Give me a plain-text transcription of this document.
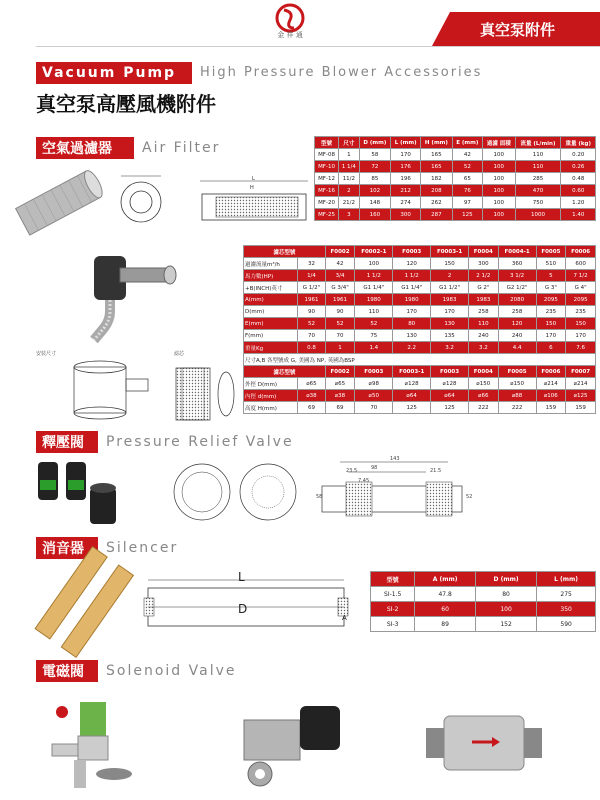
金 祥 通	真空泵附件
Vacuum Pump	High Pressure Blower Accessories
真空泵高壓風機附件
空氣過濾器	Air Filter
L
H
型號	尺寸	D (mm)	L (mm)	H (mm)	E (mm)	過濾 面積	流量 (L/min)	重量 (kg)
MF-08	1	58	170	165	42	100	110	0.20
MF-10	1 1/4	72	176	165	52	100	110	0.26
MF-12	11/2	85	196	182	65	100	285	0.48
MF-16	2	102	212	208	76	100	470	0.60
MF-20	21/2	148	274	262	97	100	750	1.20
MF-25	3	160	300	287	125	100	1000	1.40
安装尺寸	滤芯
濾芯型號		F0002	F0002-1	F0003	F0003-1	F0004	F0004-1	F0005	F0006
過濾流量m³/h	32	42	100	120	150	300	360	510	600
馬力數(HP)	1/4	3/4	1 1/2	1 1/2	2	2 1/2	3 1/2	5	7 1/2
+B(INCH)英寸	G 1/2"	G 3/4"	G1 1/4"	G1 1/4"	G1 1/2"	G 2"	G2 1/2"	G 3"	G 4"
A(mm)	1961	1961	1980	1980	1983	1983	2080	2095	2095
D(mm)	90	90	110	170	170	258	258	235	235
E(mm)	52	52	52	80	130	110	120	150	150
F(mm)	70	70	75	130	135	240	240	170	170
重量Kg	0.8	1	1.4	2.2	3.2	3.2	4.4	6	7.6
尺寸A,B 各型號成 G, 美國為 NP, 英國為BSP									
濾芯型號		F0002	F0003	F0003-1	F0003	F0004	F0005	F0006	F0007
外徑 D(mm)	⌀65	⌀65	⌀98	⌀128	⌀128	⌀150	⌀150	⌀214	⌀214
內徑 d(mm)	⌀38	⌀38	⌀50	⌀64	⌀64	⌀66	⌀88	⌀106	⌀125
高度 H(mm)	69	69	70	125	125	222	222	159	159
釋壓閥	Pressure Relief Valve
143
98
23.5	21.5
7.45
58	52
消音器	Silencer
L
D
A
型號	A (mm)	D (mm)	L (mm)
SI-1.5	47.8	80	275
SI-2	60	100	350
SI-3	89	152	590
電磁閥	Solenoid Valve
